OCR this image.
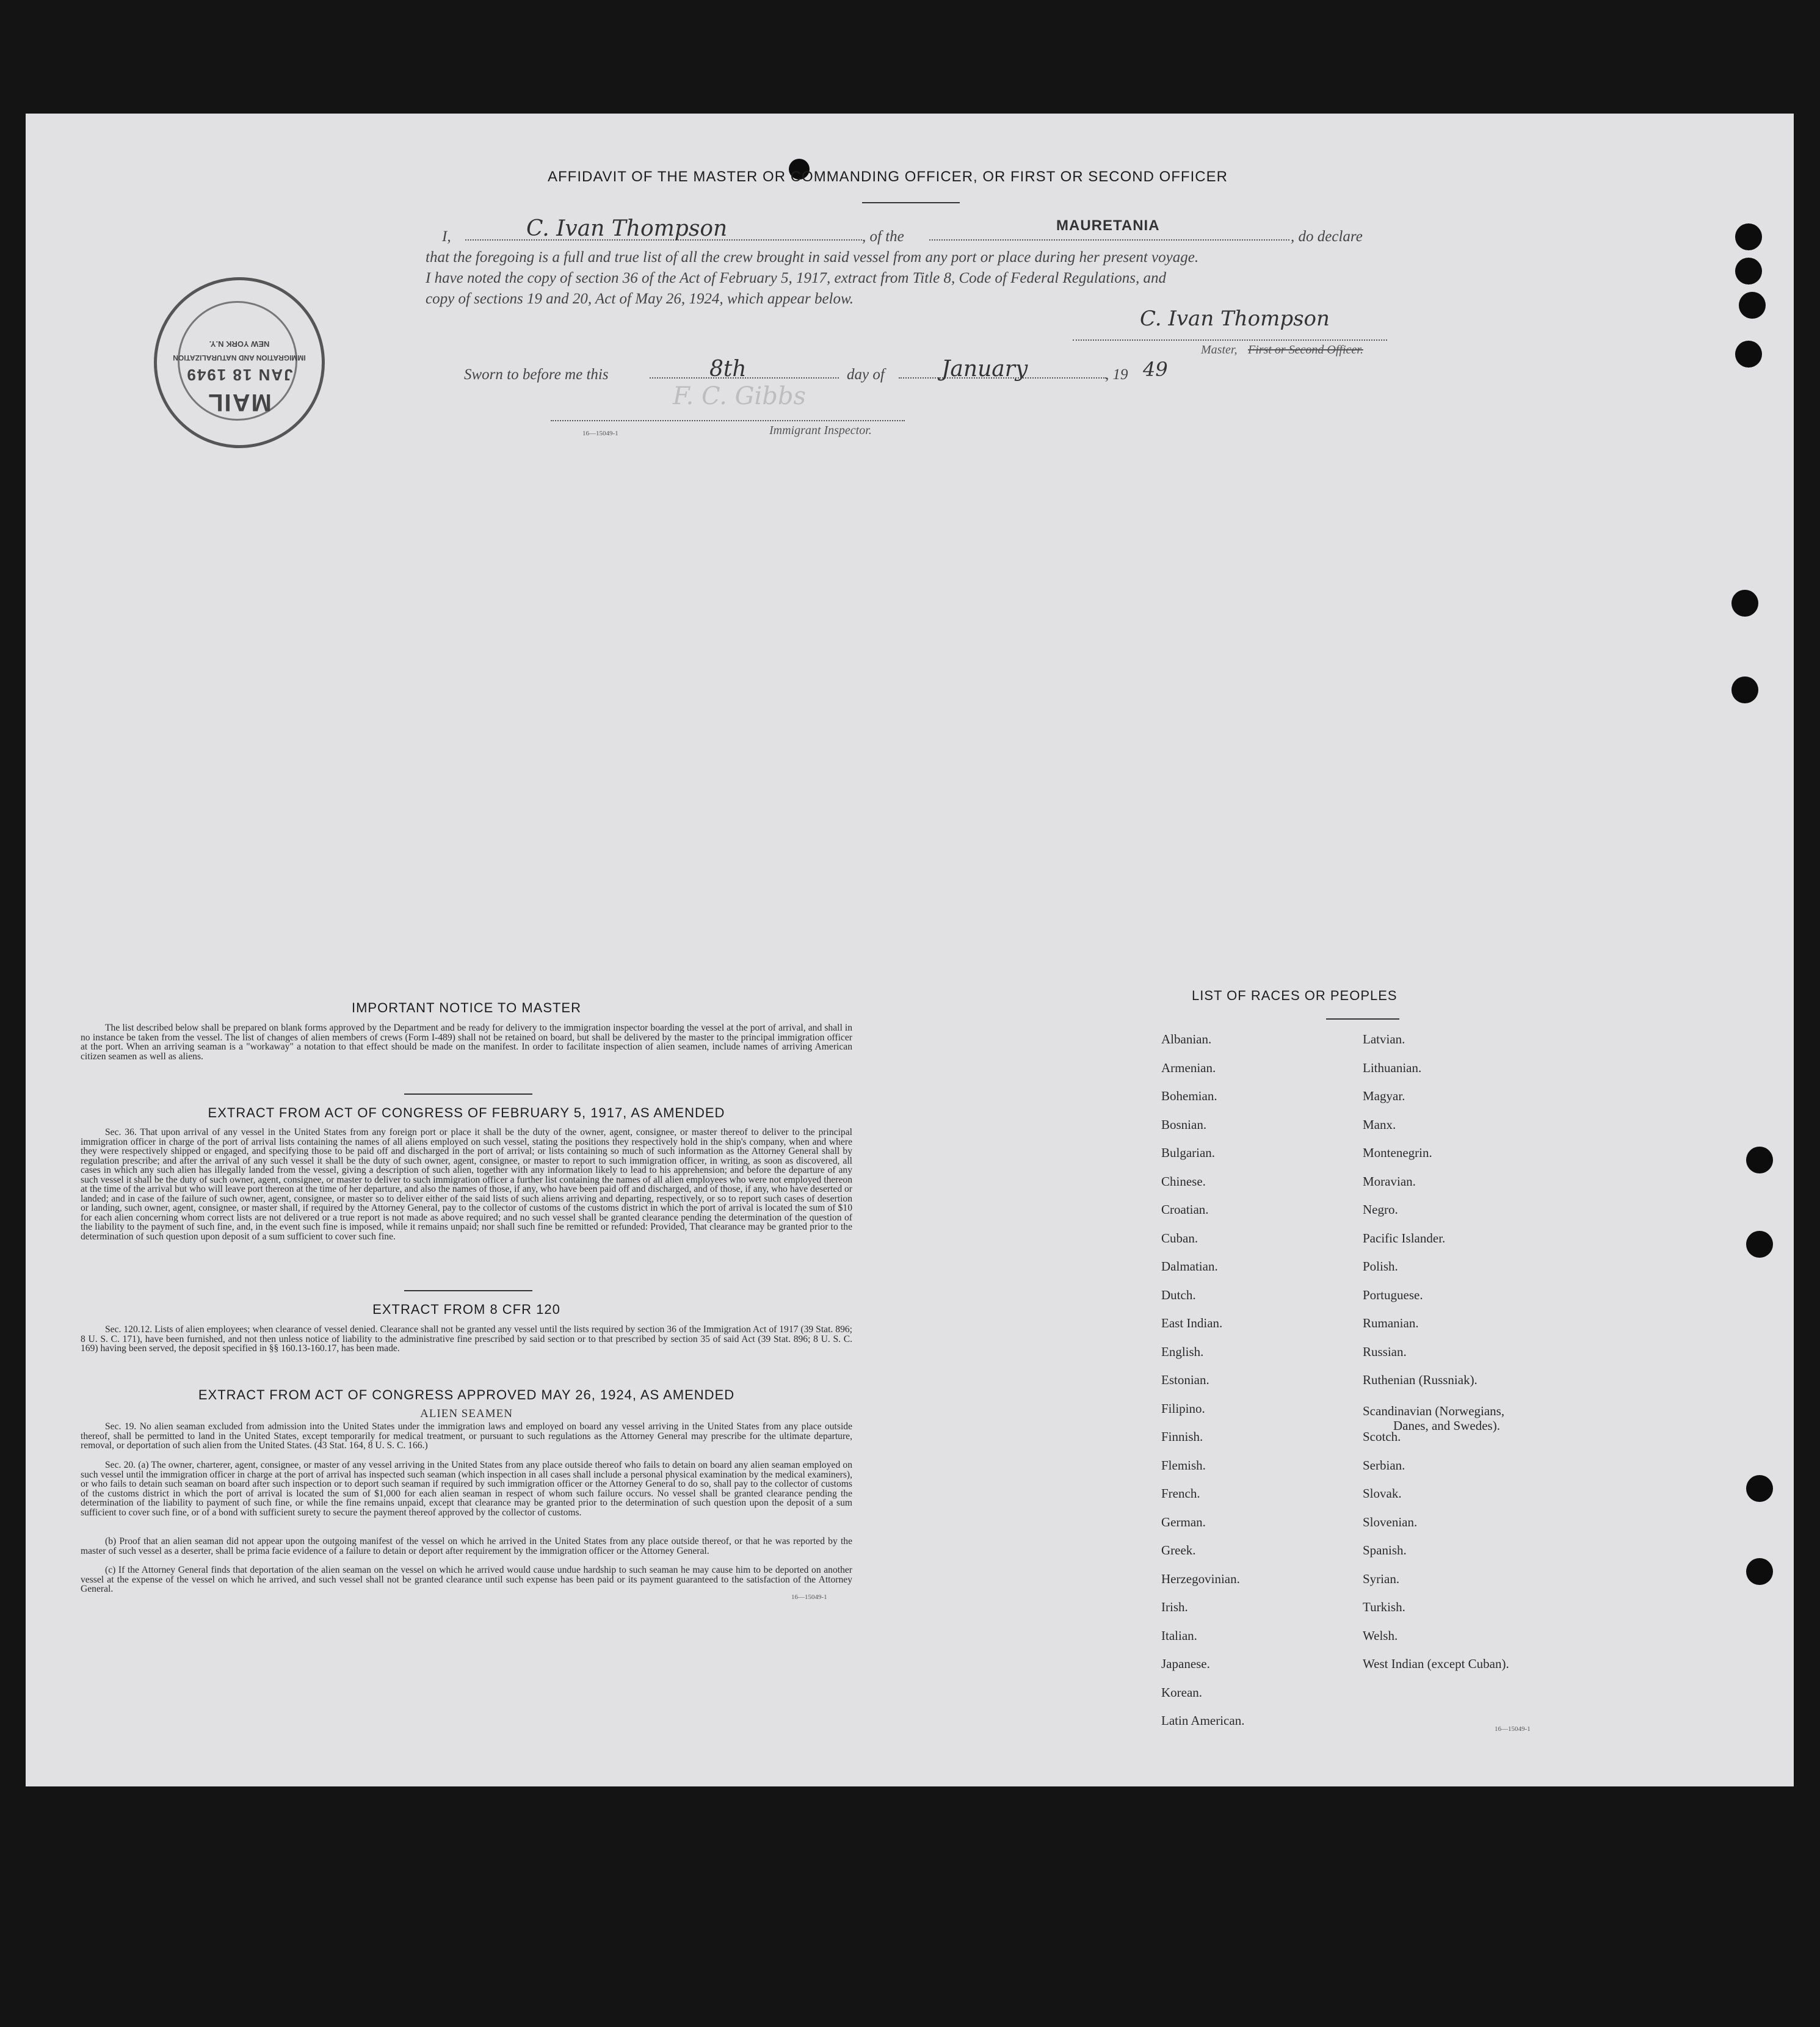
MAIL
JAN 18 1949
IMMIGRATION AND NATURALIZATION
NEW YORK N.Y.
AFFIDAVIT OF THE MASTER OR COMMANDING OFFICER, OR FIRST OR SECOND OFFICER
I,	C. Ivan Thompson	, of the
MAURETANIA
, do declare
that the foregoing is a full and true list of all the crew brought in said vessel from any port or place during her present voyage.
I have noted the copy of section 36 of the Act of February 5, 1917, extract from Title 8, Code of Federal Regulations, and
copy of sections 19 and 20, Act of May 26, 1924, which appear below.
C. Ivan Thompson
Master, First or Second Officer.
Sworn to before me this	8th	day of	January	, 19 49
F. C. Gibbs
Immigrant Inspector.
16—15049-1
IMPORTANT NOTICE TO MASTER
The list described below shall be prepared on blank forms approved by the Department and be ready for delivery to the immigration inspector boarding the vessel at the port of arrival, and shall in no instance be taken from the vessel. The list of changes of alien members of crews (Form I-489) shall not be retained on board, but shall be delivered by the master to the principal immigration officer at the port. When an arriving seaman is a "workaway" a notation to that effect should be made on the manifest. In order to facilitate inspection of alien seamen, include names of arriving American citizen seamen as well as aliens.
EXTRACT FROM ACT OF CONGRESS OF FEBRUARY 5, 1917, AS AMENDED
Sec. 36. That upon arrival of any vessel in the United States from any foreign port or place it shall be the duty of the owner, agent, consignee, or master thereof to deliver to the principal immigration officer in charge of the port of arrival lists containing the names of all aliens employed on such vessel, stating the positions they respectively hold in the ship's company, when and where they were respectively shipped or engaged, and specifying those to be paid off and discharged in the port of arrival; or lists containing so much of such information as the Attorney General shall by regulation prescribe; and after the arrival of any such vessel it shall be the duty of such owner, agent, consignee, or master to report to such immigration officer, in writing, as soon as discovered, all cases in which any such alien has illegally landed from the vessel, giving a description of such alien, together with any information likely to lead to his apprehension; and before the departure of any such vessel it shall be the duty of such owner, agent, consignee, or master to deliver to such immigration officer a further list containing the names of all alien employees who were not employed thereon at the time of the arrival but who will leave port thereon at the time of her departure, and also the names of those, if any, who have been paid off and discharged, and of those, if any, who have deserted or landed; and in case of the failure of such owner, agent, consignee, or master so to deliver either of the said lists of such aliens arriving and departing, respectively, or so to report such cases of desertion or landing, such owner, agent, consignee, or master shall, if required by the Attorney General, pay to the collector of customs of the customs district in which the port of arrival is located the sum of $10 for each alien concerning whom correct lists are not delivered or a true report is not made as above required; and no such vessel shall be granted clearance pending the determination of the question of the liability to the payment of such fine, and, in the event such fine is imposed, while it remains unpaid; nor shall such fine be remitted or refunded: Provided, That clearance may be granted prior to the determination of such question upon deposit of a sum sufficient to cover such fine.
EXTRACT FROM 8 CFR 120
Sec. 120.12. Lists of alien employees; when clearance of vessel denied. Clearance shall not be granted any vessel until the lists required by section 36 of the Immigration Act of 1917 (39 Stat. 896; 8 U. S. C. 171), have been furnished, and not then unless notice of liability to the administrative fine prescribed by said section or to that prescribed by section 35 of said Act (39 Stat. 896; 8 U. S. C. 169) having been served, the deposit specified in §§ 160.13-160.17, has been made.
EXTRACT FROM ACT OF CONGRESS APPROVED MAY 26, 1924, AS AMENDED
ALIEN SEAMEN
Sec. 19. No alien seaman excluded from admission into the United States under the immigration laws and employed on board any vessel arriving in the United States from any place outside thereof, shall be permitted to land in the United States, except temporarily for medical treatment, or pursuant to such regulations as the Attorney General may prescribe for the ultimate departure, removal, or deportation of such alien from the United States. (43 Stat. 164, 8 U. S. C. 166.)
Sec. 20. (a) The owner, charterer, agent, consignee, or master of any vessel arriving in the United States from any place outside thereof who fails to detain on board any alien seaman employed on such vessel until the immigration officer in charge at the port of arrival has inspected such seaman (which inspection in all cases shall include a personal physical examination by the medical examiners), or who fails to detain such seaman on board after such inspection or to deport such seaman if required by such immigration officer or the Attorney General to do so, shall pay to the collector of customs of the customs district in which the port of arrival is located the sum of $1,000 for each alien seaman in respect of whom such failure occurs. No vessel shall be granted clearance pending the determination of the liability to payment of such fine, or while the fine remains unpaid, except that clearance may be granted prior to the determination of such question upon the deposit of a sum sufficient to cover such fine, or of a bond with sufficient surety to secure the payment thereof approved by the collector of customs.
(b) Proof that an alien seaman did not appear upon the outgoing manifest of the vessel on which he arrived in the United States from any place outside thereof, or that he was reported by the master of such vessel as a deserter, shall be prima facie evidence of a failure to detain or deport after requirement by the immigration officer or the Attorney General.
(c) If the Attorney General finds that deportation of the alien seaman on the vessel on which he arrived would cause undue hardship to such seaman he may cause him to be deported on another vessel at the expense of the vessel on which he arrived, and such vessel shall not be granted clearance until such expense has been paid or its payment guaranteed to the satisfaction of the Attorney General.
16—15049-1
LIST OF RACES OR PEOPLES
16—15049-1
Albanian.
Armenian.
Bohemian.
Bosnian.
Bulgarian.
Chinese.
Croatian.
Cuban.
Dalmatian.
Dutch.
East Indian.
English.
Estonian.
Filipino.
Finnish.
Flemish.
French.
German.
Greek.
Herzegovinian.
Irish.
Italian.
Japanese.
Korean.
Latin American.
Latvian.
Lithuanian.
Magyar.
Manx.
Montenegrin.
Moravian.
Negro.
Pacific Islander.
Polish.
Portuguese.
Rumanian.
Russian.
Ruthenian (Russniak).
Scandinavian (Norwegians,
Danes, and Swedes).
Scotch.
Serbian.
Slovak.
Slovenian.
Spanish.
Syrian.
Turkish.
Welsh.
West Indian (except Cuban).
